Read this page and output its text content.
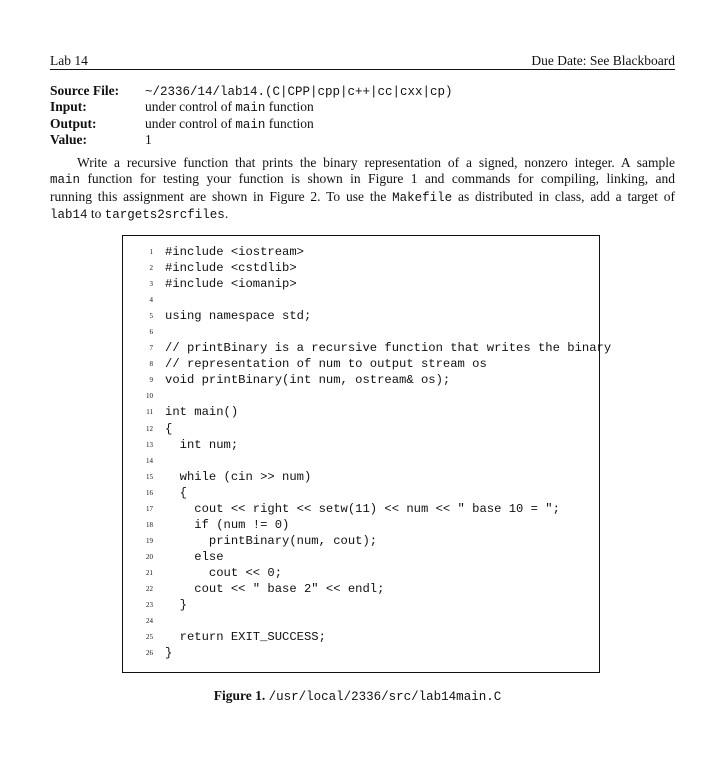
Lab 14	Due Date: See Blackboard
Source File: ~/2336/14/lab14.(C|CPP|cpp|c++|cc|cxx|cp)
Input:	under control of main function
Output:	under control of main function
Value:	1
Write a recursive function that prints the binary representation of a signed, nonzero integer. A sample
main function for testing your function is shown in Figure 1 and commands for compiling, linking, and
running this assignment are shown in Figure 2. To use the Makefile as distributed in class, add a target of
lab14 to targets2srcfiles.
1 #include <iostream>
2 #include <cstdlib>
3 #include <iomanip>
4
5 using namespace std;
6
7 // printBinary is a recursive function that writes the binary
8 // representation of num to output stream os
9 void printBinary(int num, ostream& os);
10
11 int main()
12 {
13 int num;
14
15 while (cin >> num)
16 {
17 cout << right << setw(11) << num << " base 10 = ";
18 if (num != 0)
19 printBinary(num, cout);
20 else
21 cout << 0;
22 cout << " base 2" << endl;
23 }
24
25 return EXIT_SUCCESS;
26 }
Figure 1. /usr/local/2336/src/lab14main.C
